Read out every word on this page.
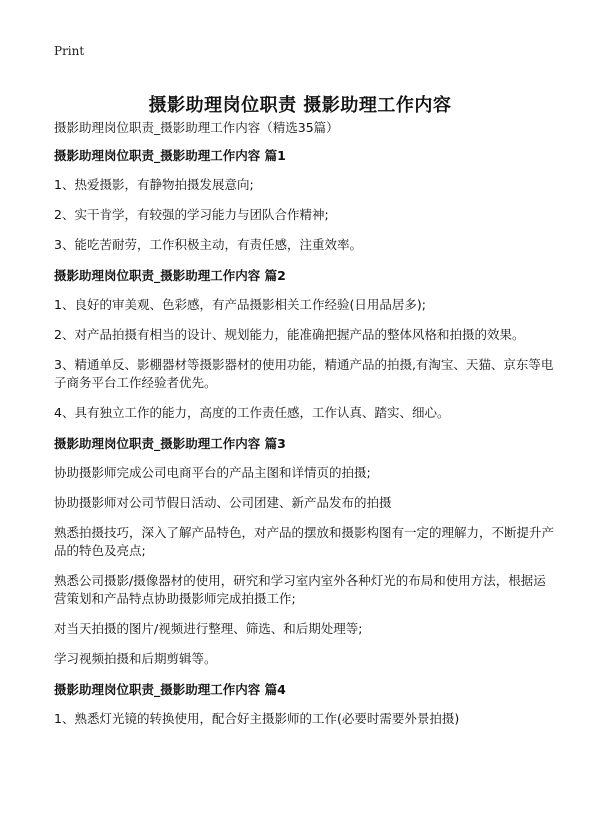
Print
摄影助理岗位职责 摄影助理工作内容

摄影助理岗位职责_摄影助理工作内容（精选35篇）

摄影助理岗位职责_摄影助理工作内容 篇1

1、热爱摄影，有静物拍摄发展意向;

2、实干肯学，有较强的学习能力与团队合作精神;

3、能吃苦耐劳，工作积极主动，有责任感，注重效率。

摄影助理岗位职责_摄影助理工作内容 篇2

1、良好的审美观、色彩感，有产品摄影相关工作经验(日用品居多);

2、对产品拍摄有相当的设计、规划能力，能准确把握产品的整体风格和拍摄的效果。

3、精通单反、影棚器材等摄影器材的使用功能，精通产品的拍摄,有淘宝、天猫、京东等电子商务平台工作经验者优先。

4、具有独立工作的能力，高度的工作责任感，工作认真、踏实、细心。

摄影助理岗位职责_摄影助理工作内容 篇3

协助摄影师完成公司电商平台的产品主图和详情页的拍摄;

协助摄影师对公司节假日活动、公司团建、新产品发布的拍摄

熟悉拍摄技巧，深入了解产品特色，对产品的摆放和摄影构图有一定的理解力，不断提升产品的特色及亮点;

熟悉公司摄影/摄像器材的使用，研究和学习室内室外各种灯光的布局和使用方法，根据运营策划和产品特点协助摄影师完成拍摄工作;

对当天拍摄的图片/视频进行整理、筛选、和后期处理等;

学习视频拍摄和后期剪辑等。

摄影助理岗位职责_摄影助理工作内容 篇4

1、熟悉灯光镜的转换使用，配合好主摄影师的工作(必要时需要外景拍摄)
